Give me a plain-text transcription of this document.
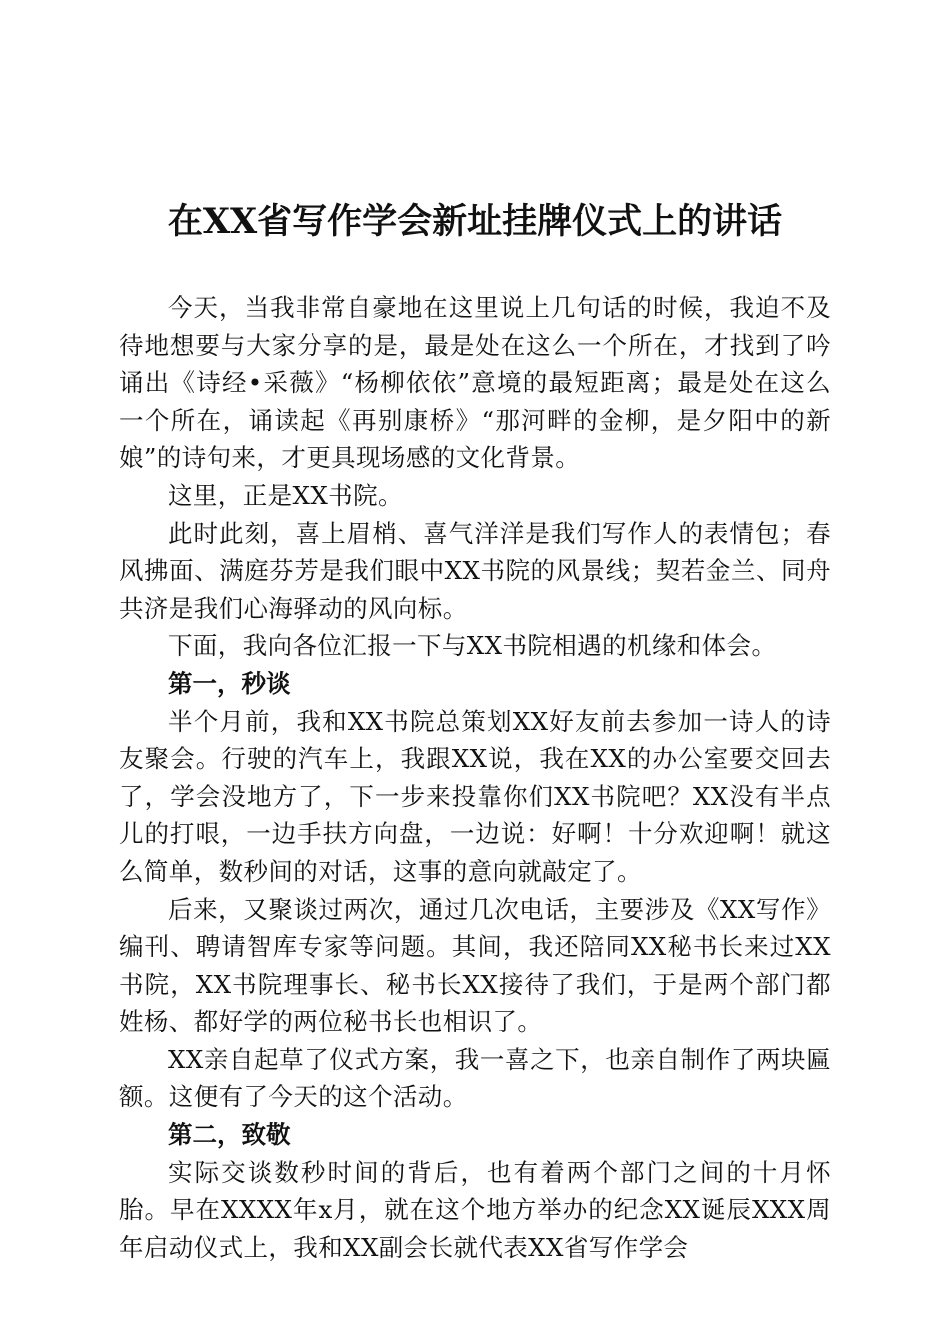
在XX省写作学会新址挂牌仪式上的讲话

今天，当我非常自豪地在这里说上几句话的时候，我迫不及待地想要与大家分享的是，最是处在这么一个所在，才找到了吟诵出《诗经•采薇》“杨柳依依”意境的最短距离；最是处在这么一个所在，诵读起《再别康桥》“那河畔的金柳，是夕阳中的新娘”的诗句来，才更具现场感的文化背景。

这里，正是XX书院。

此时此刻，喜上眉梢、喜气洋洋是我们写作人的表情包；春风拂面、满庭芬芳是我们眼中XX书院的风景线；契若金兰、同舟共济是我们心海驿动的风向标。

下面，我向各位汇报一下与XX书院相遇的机缘和体会。

第一，秒谈

半个月前，我和XX书院总策划XX好友前去参加一诗人的诗友聚会。行驶的汽车上，我跟XX说，我在XX的办公室要交回去了，学会没地方了，下一步来投靠你们XX书院吧？XX没有半点儿的打哏，一边手扶方向盘，一边说：好啊！十分欢迎啊！就这么简单，数秒间的对话，这事的意向就敲定了。

后来，又聚谈过两次，通过几次电话，主要涉及《XX写作》编刊、聘请智库专家等问题。其间，我还陪同XX秘书长来过XX书院，XX书院理事长、秘书长XX接待了我们，于是两个部门都姓杨、都好学的两位秘书长也相识了。

XX亲自起草了仪式方案，我一喜之下，也亲自制作了两块匾额。这便有了今天的这个活动。

第二，致敬

实际交谈数秒时间的背后，也有着两个部门之间的十月怀胎。早在XXXX年x月，就在这个地方举办的纪念XX诞辰XXX周年启动仪式上，我和XX副会长就代表XX省写作学会
